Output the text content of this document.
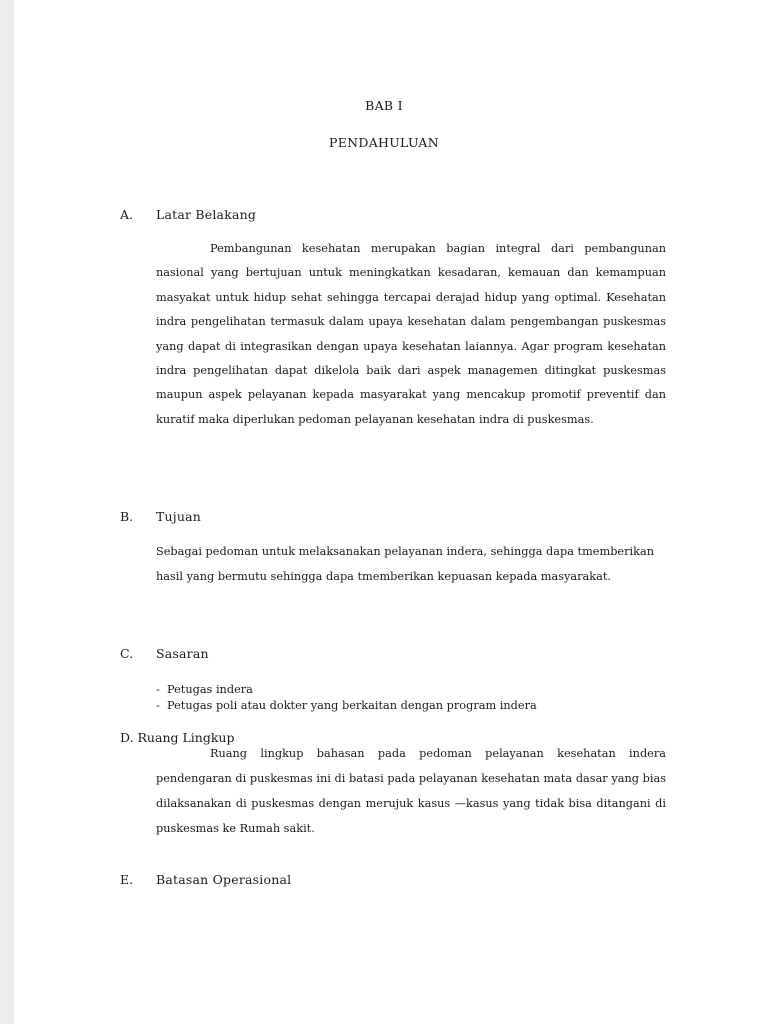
BAB I
PENDAHULUAN
A. Latar Belakang
Pembangunan kesehatan merupakan bagian integral dari pembangunan nasional yang bertujuan untuk meningkatkan kesadaran, kemauan dan kemampuan masyakat untuk hidup sehat sehingga tercapai derajad hidup yang optimal. Kesehatan indra pengelihatan termasuk dalam upaya kesehatan dalam pengembangan puskesmas yang dapat di integrasikan dengan upaya kesehatan laiannya. Agar program kesehatan indra pengelihatan dapat dikelola baik dari aspek managemen ditingkat puskesmas maupun aspek pelayanan kepada masyarakat yang mencakup promotif preventif dan kuratif maka diperlukan pedoman pelayanan kesehatan indra di puskesmas.
B. Tujuan
Sebagai pedoman untuk melaksanakan pelayanan indera, sehingga dapa tmemberikan hasil yang bermutu sehingga dapa tmemberikan kepuasan kepada masyarakat.
C. Sasaran
-  Petugas indera
-  Petugas poli atau dokter yang berkaitan dengan program indera
D. Ruang Lingkup
Ruang lingkup bahasan pada pedoman pelayanan kesehatan indera pendengaran di puskesmas ini di batasi pada pelayanan kesehatan mata dasar yang bias dilaksanakan di puskesmas dengan merujuk kasus —kasus yang tidak bisa ditangani di puskesmas ke Rumah sakit.
E. Batasan Operasional
